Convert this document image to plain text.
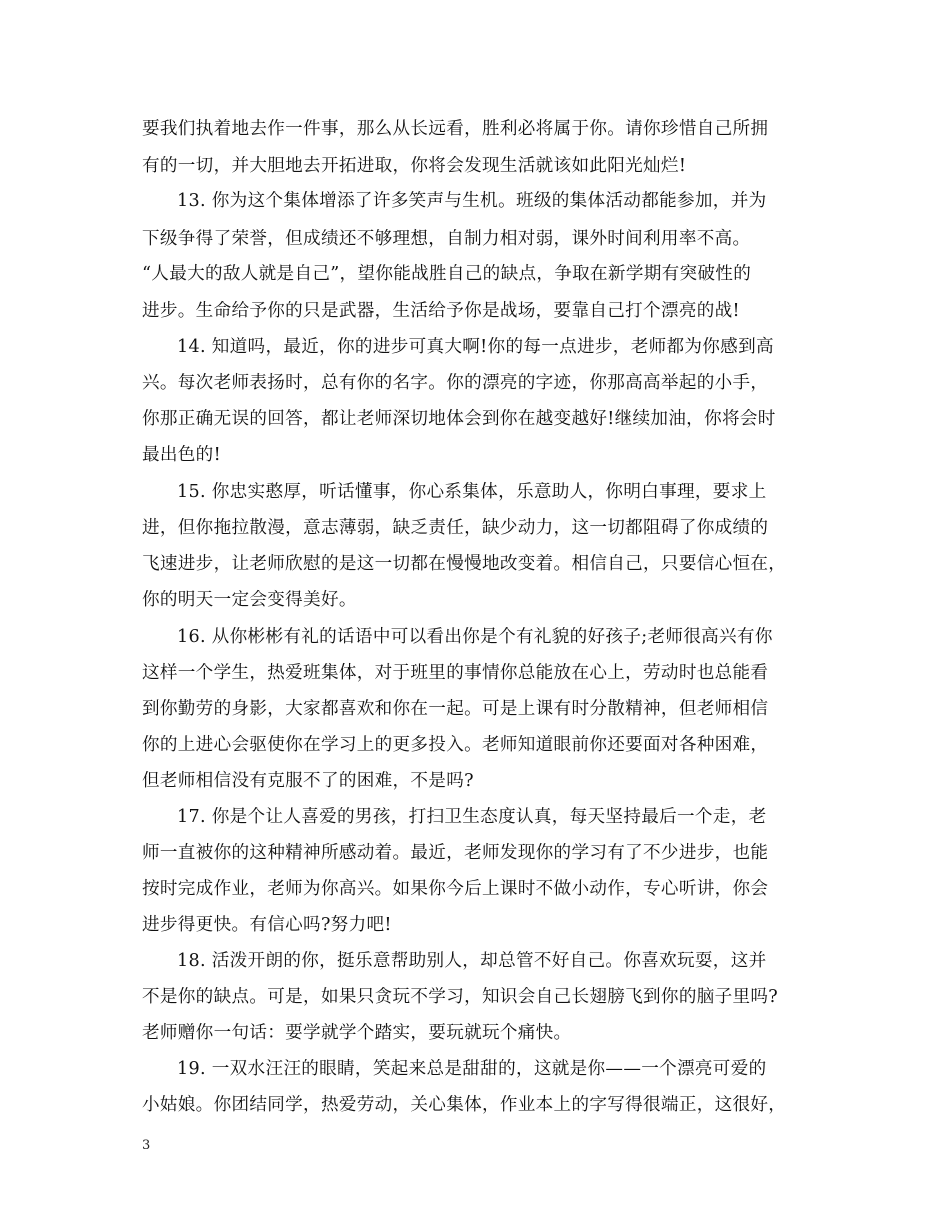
要我们执着地去作一件事，那么从长远看，胜利必将属于你。请你珍惜自己所拥
有的一切，并大胆地去开拓进取，你将会发现生活就该如此阳光灿烂!
13. 你为这个集体增添了许多笑声与生机。班级的集体活动都能参加，并为
下级争得了荣誉，但成绩还不够理想，自制力相对弱，课外时间利用率不高。
“人最大的敌人就是自己”，望你能战胜自己的缺点，争取在新学期有突破性的
进步。生命给予你的只是武器，生活给予你是战场，要靠自己打个漂亮的战!
14. 知道吗，最近，你的进步可真大啊!你的每一点进步，老师都为你感到高
兴。每次老师表扬时，总有你的名字。你的漂亮的字迹，你那高高举起的小手，
你那正确无误的回答，都让老师深切地体会到你在越变越好!继续加油，你将会时
最出色的!
15. 你忠实憨厚，听话懂事，你心系集体，乐意助人，你明白事理，要求上
进，但你拖拉散漫，意志薄弱，缺乏责任，缺少动力，这一切都阻碍了你成绩的
飞速进步，让老师欣慰的是这一切都在慢慢地改变着。相信自己，只要信心恒在，
你的明天一定会变得美好。
16. 从你彬彬有礼的话语中可以看出你是个有礼貌的好孩子;老师很高兴有你
这样一个学生，热爱班集体，对于班里的事情你总能放在心上，劳动时也总能看
到你勤劳的身影，大家都喜欢和你在一起。可是上课有时分散精神，但老师相信
你的上进心会驱使你在学习上的更多投入。老师知道眼前你还要面对各种困难，
但老师相信没有克服不了的困难，不是吗?
17. 你是个让人喜爱的男孩，打扫卫生态度认真，每天坚持最后一个走，老
师一直被你的这种精神所感动着。最近，老师发现你的学习有了不少进步，也能
按时完成作业，老师为你高兴。如果你今后上课时不做小动作，专心听讲，你会
进步得更快。有信心吗?努力吧!
18. 活泼开朗的你，挺乐意帮助别人，却总管不好自己。你喜欢玩耍，这并
不是你的缺点。可是，如果只贪玩不学习，知识会自己长翅膀飞到你的脑子里吗?
老师赠你一句话：要学就学个踏实，要玩就玩个痛快。
19. 一双水汪汪的眼睛，笑起来总是甜甜的，这就是你——一个漂亮可爱的
小姑娘。你团结同学，热爱劳动，关心集体，作业本上的字写得很端正，这很好，
3
